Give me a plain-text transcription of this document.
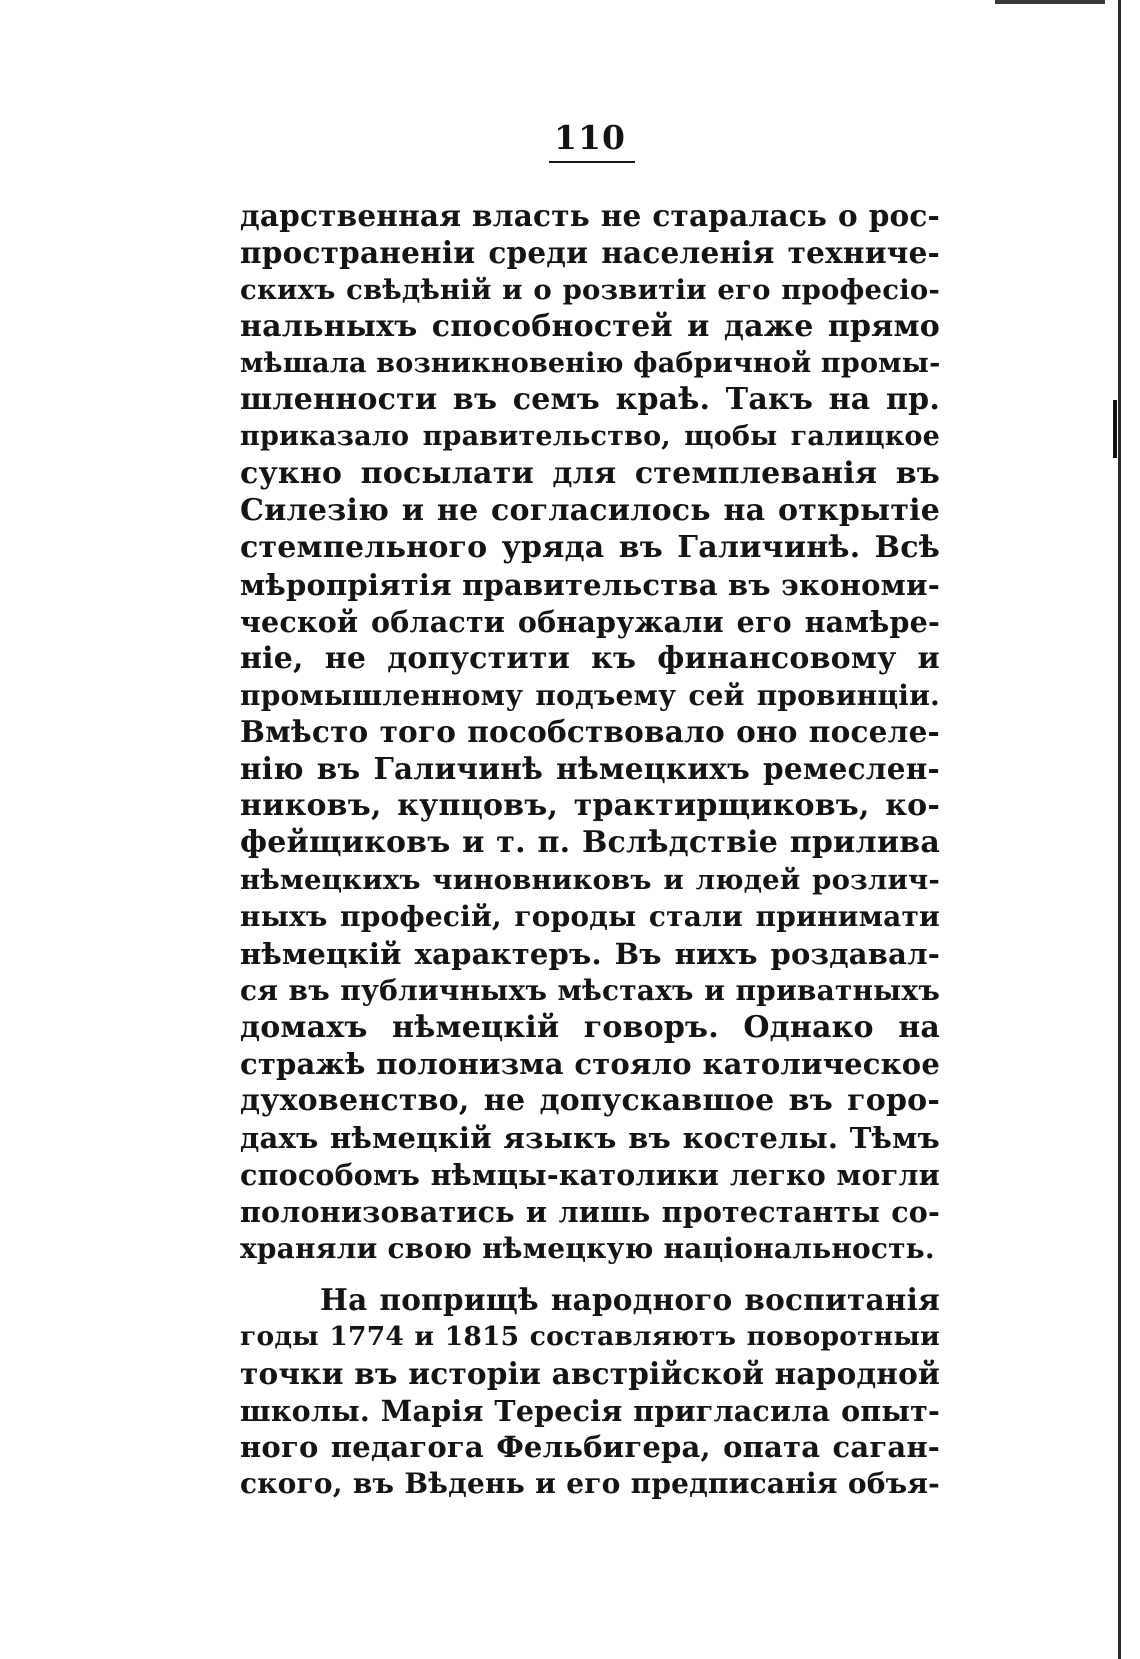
110
дарственная власть не старалась о рос-
пространеніи среди населенія техниче-
скихъ свѣдѣній и о розвитіи его професіо-
нальныхъ способностей и даже прямо
мѣшала возникновенію фабричной промы-
шленности въ семъ краѣ. Такъ на пр.
приказало правительство, щобы галицкое
сукно посылати для стемплеванія въ
Силезію и не согласилось на открытіе
стемпельного уряда въ Галичинѣ. Всѣ
мѣропріятія правительства въ экономи-
ческой области обнаружали его намѣре-
ніе, не допустити къ финансовому и
промышленному подъему сей провинціи.
Вмѣсто того пособствовало оно поселе-
нію въ Галичинѣ нѣмецкихъ ремеслен-
никовъ, купцовъ, трактирщиковъ, ко-
фейщиковъ и т. п. Вслѣдствіе прилива
нѣмецкихъ чиновниковъ и людей розлич-
ныхъ професій, городы стали принимати
нѣмецкій характеръ. Въ нихъ роздавал-
ся въ публичныхъ мѣстахъ и приватныхъ
домахъ нѣмецкій говоръ. Однако на
стражѣ полонизма стояло католическое
духовенство, не допускавшое въ горо-
дахъ нѣмецкій языкъ въ костелы. Тѣмъ
способомъ нѣмцы-католики легко могли
полонизоватись и лишь протестанты со-
храняли свою нѣмецкую національность.
На поприщѣ народного воспитанія
годы 1774 и 1815 составляютъ поворотныи
точки въ исторіи австрійской народной
школы. Марія Тересія пригласила опыт-
ного педагога Фельбигера, опата саган-
ского, въ Вѣдень и его предписанія объя-
